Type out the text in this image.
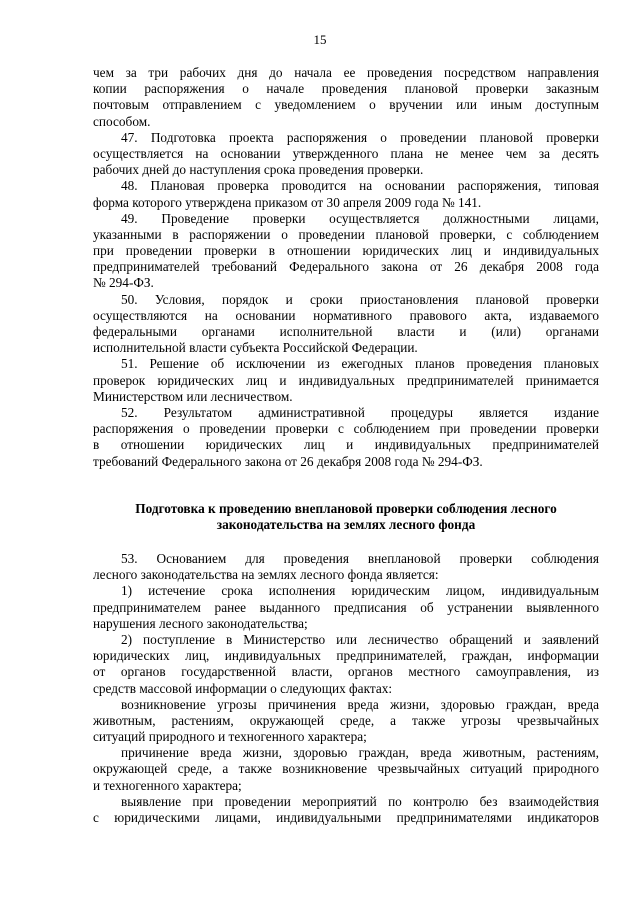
15
чем за три рабочих дня до начала ее проведения посредством направления
копии распоряжения о начале проведения плановой проверки заказным
почтовым отправлением с уведомлением о вручении или иным доступным
способом.
47. Подготовка проекта распоряжения о проведении плановой проверки
осуществляется на основании утвержденного плана не менее чем за десять
рабочих дней до наступления срока проведения проверки.
48. Плановая проверка проводится на основании распоряжения, типовая
форма которого утверждена приказом от 30 апреля 2009 года № 141.
49. Проведение проверки осуществляется должностными лицами,
указанными в распоряжении о проведении плановой проверки, с соблюдением
при проведении проверки в отношении юридических лиц и индивидуальных
предпринимателей требований Федерального закона от 26 декабря 2008 года
№ 294-ФЗ.
50. Условия, порядок и сроки приостановления плановой проверки
осуществляются на основании нормативного правового акта, издаваемого
федеральными органами исполнительной власти и (или) органами
исполнительной власти субъекта Российской Федерации.
51. Решение об исключении из ежегодных планов проведения плановых
проверок юридических лиц и индивидуальных предпринимателей принимается
Министерством или лесничеством.
52. Результатом административной процедуры является издание
распоряжения о проведении проверки с соблюдением при проведении проверки
в отношении юридических лиц и индивидуальных предпринимателей
требований Федерального закона от 26 декабря 2008 года № 294-ФЗ.
Подготовка к проведению внеплановой проверки соблюдения лесного
законодательства на землях лесного фонда
53. Основанием для проведения внеплановой проверки соблюдения
лесного законодательства на землях лесного фонда является:
1) истечение срока исполнения юридическим лицом, индивидуальным
предпринимателем ранее выданного предписания об устранении выявленного
нарушения лесного законодательства;
2) поступление в Министерство или лесничество обращений и заявлений
юридических лиц, индивидуальных предпринимателей, граждан, информации
от органов государственной власти, органов местного самоуправления, из
средств массовой информации о следующих фактах:
возникновение угрозы причинения вреда жизни, здоровью граждан, вреда
животным, растениям, окружающей среде, а также угрозы чрезвычайных
ситуаций природного и техногенного характера;
причинение вреда жизни, здоровью граждан, вреда животным, растениям,
окружающей среде, а также возникновение чрезвычайных ситуаций природного
и техногенного характера;
выявление при проведении мероприятий по контролю без взаимодействия
с юридическими лицами, индивидуальными предпринимателями индикаторов
